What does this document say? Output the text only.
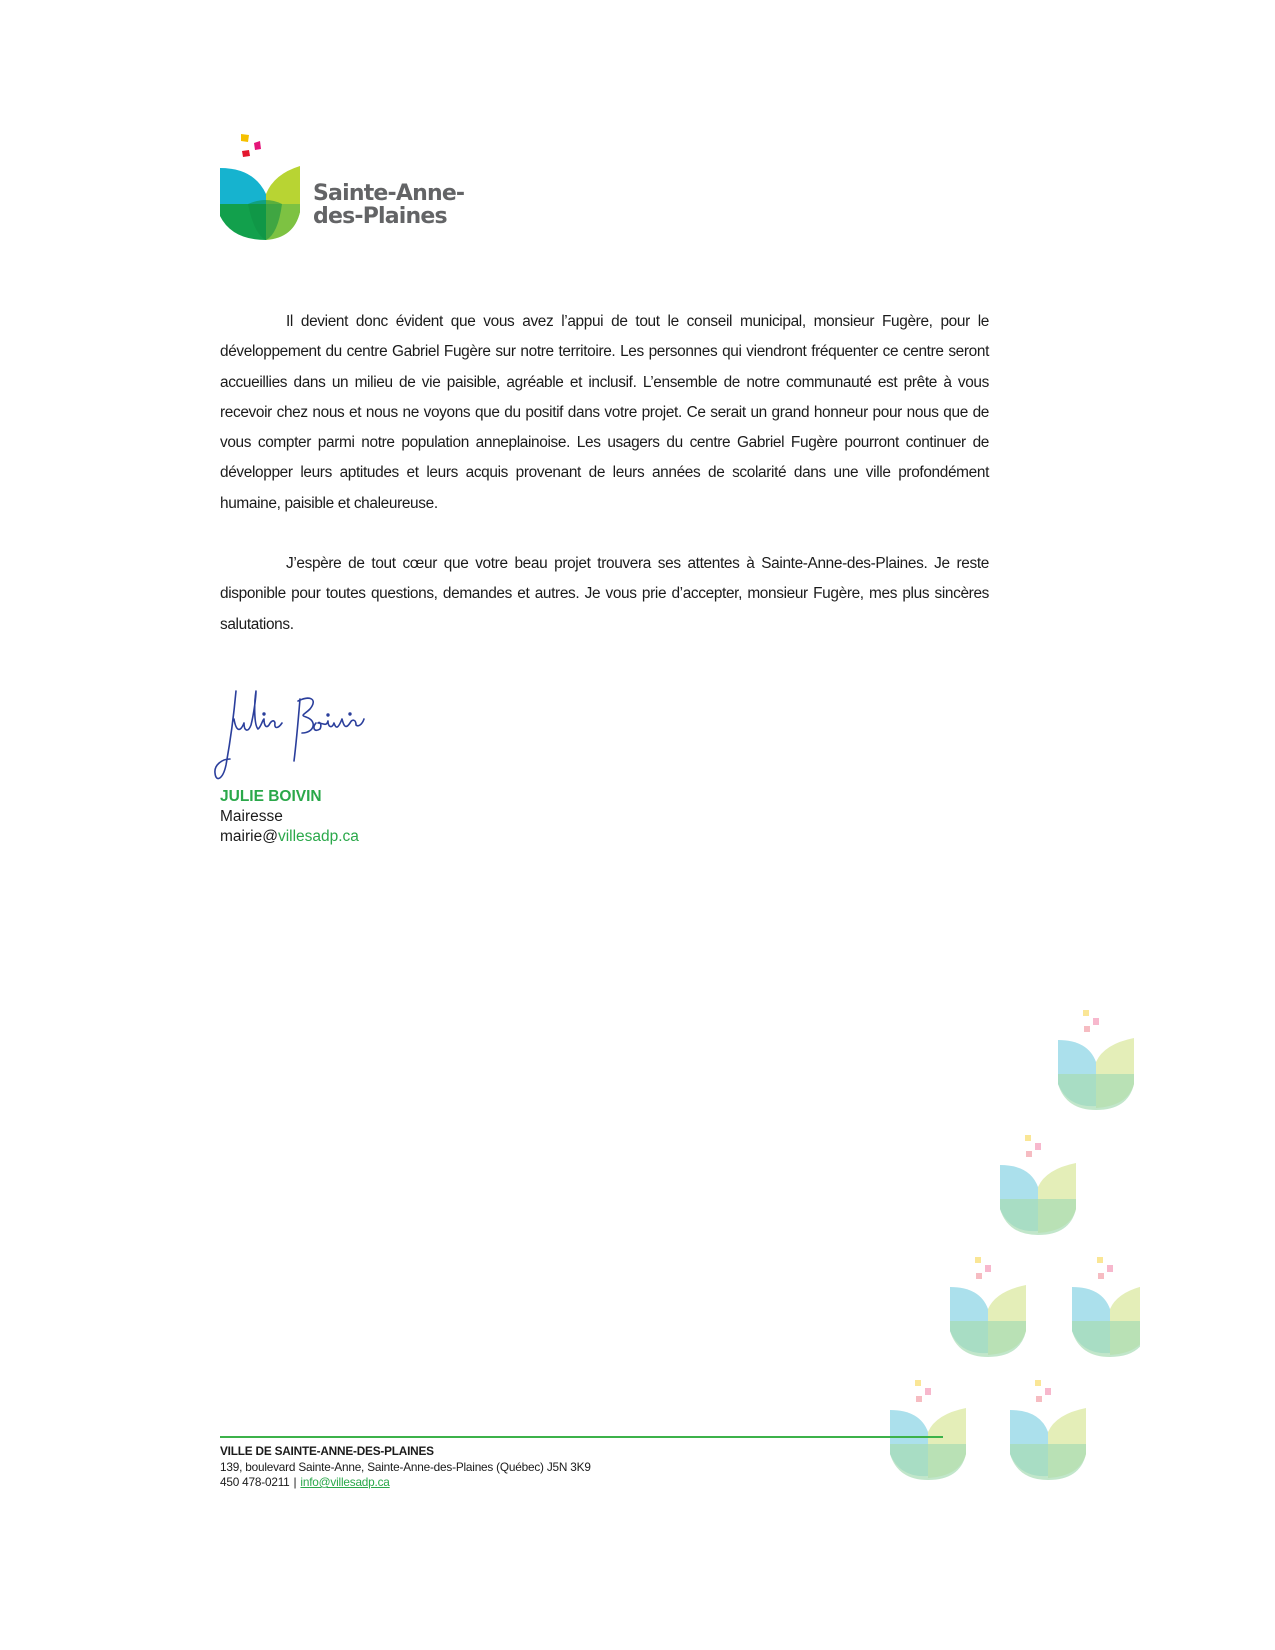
Sainte-Anne-
des-Plaines

Il devient donc évident que vous avez l’appui de tout le conseil municipal, monsieur Fugère, pour le développement du centre Gabriel Fugère sur notre territoire. Les personnes qui viendront fréquenter ce centre seront accueillies dans un milieu de vie paisible, agréable et inclusif. L’ensemble de notre communauté est prête à vous recevoir chez nous et nous ne voyons que du positif dans votre projet. Ce serait un grand honneur pour nous que de vous compter parmi notre population anneplainoise. Les usagers du centre Gabriel Fugère pourront continuer de développer leurs aptitudes et leurs acquis provenant de leurs années de scolarité dans une ville profondément humaine, paisible et chaleureuse.

J’espère de tout cœur que votre beau projet trouvera ses attentes à Sainte-Anne-des-Plaines. Je reste disponible pour toutes questions, demandes et autres. Je vous prie d’accepter, monsieur Fugère, mes plus sincères salutations.

JULIE BOIVIN
Mairesse
mairie@villesadp.ca
VILLE DE SAINTE-ANNE-DES-PLAINES
139, boulevard Sainte-Anne, Sainte-Anne-des-Plaines (Québec) J5N 3K9
450 478-0211 | info@villesadp.ca
